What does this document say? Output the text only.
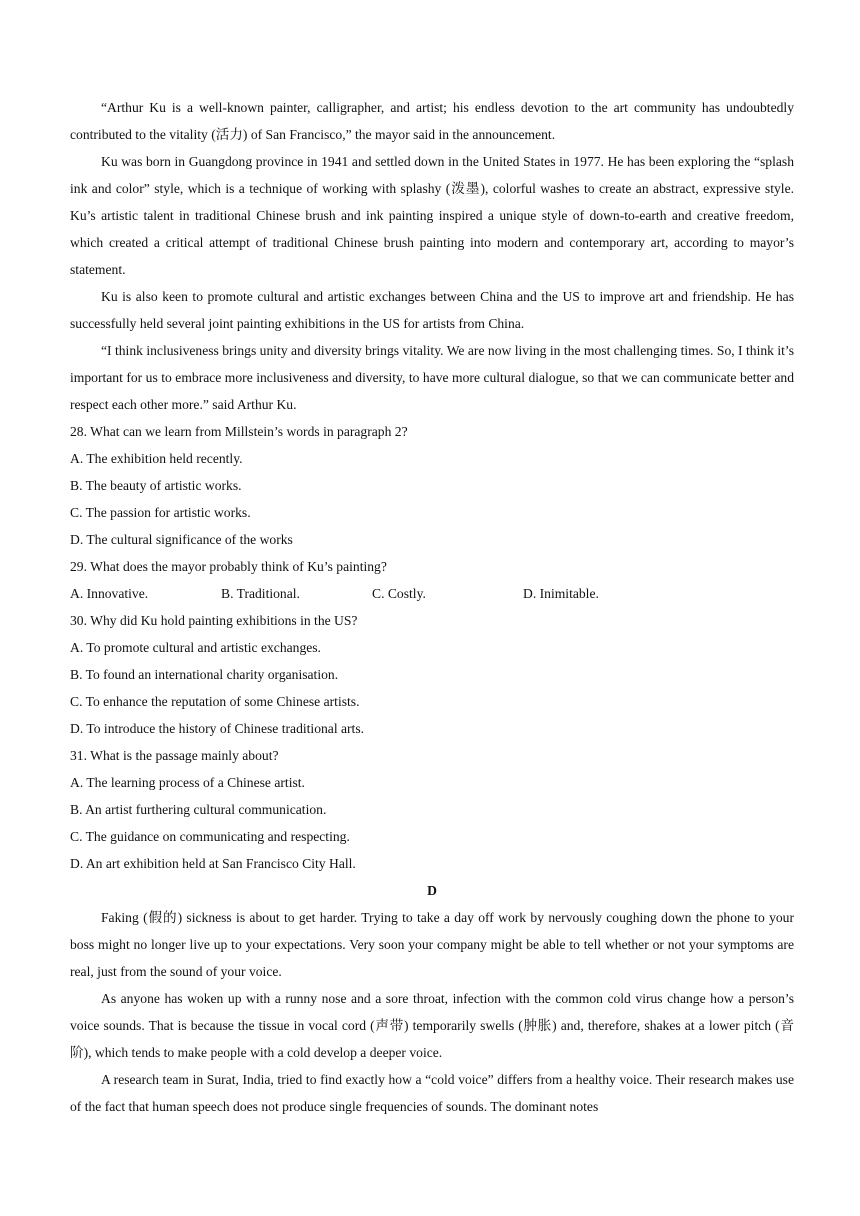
“Arthur Ku is a well-known painter, calligrapher, and artist; his endless devotion to the art community has undoubtedly contributed to the vitality (活力) of San Francisco,” the mayor said in the announcement.

Ku was born in Guangdong province in 1941 and settled down in the United States in 1977. He has been exploring the “splash ink and color” style, which is a technique of working with splashy (泼墨), colorful washes to create an abstract, expressive style. Ku’s artistic talent in traditional Chinese brush and ink painting inspired a unique style of down-to-earth and creative freedom, which created a critical attempt of traditional Chinese brush painting into modern and contemporary art, according to mayor’s statement.

Ku is also keen to promote cultural and artistic exchanges between China and the US to improve art and friendship. He has successfully held several joint painting exhibitions in the US for artists from China.

“I think inclusiveness brings unity and diversity brings vitality. We are now living in the most challenging times. So, I think it’s important for us to embrace more inclusiveness and diversity, to have more cultural dialogue, so that we can communicate better and respect each other more.” said Arthur Ku.

28. What can we learn from Millstein’s words in paragraph 2?

A. The exhibition held recently.

B. The beauty of artistic works.

C. The passion for artistic works.

D. The cultural significance of the works

29. What does the mayor probably think of Ku’s painting?

A. Innovative.	B. Traditional.	C. Costly.	D. Inimitable.

30. Why did Ku hold painting exhibitions in the US?

A. To promote cultural and artistic exchanges.

B. To found an international charity organisation.

C. To enhance the reputation of some Chinese artists.

D. To introduce the history of Chinese traditional arts.

31. What is the passage mainly about?

A. The learning process of a Chinese artist.

B. An artist furthering cultural communication.

C. The guidance on communicating and respecting.

D. An art exhibition held at San Francisco City Hall.

D

Faking (假的) sickness is about to get harder. Trying to take a day off work by nervously coughing down the phone to your boss might no longer live up to your expectations. Very soon your company might be able to tell whether or not your symptoms are real, just from the sound of your voice.

As anyone has woken up with a runny nose and a sore throat, infection with the common cold virus change how a person’s voice sounds. That is because the tissue in vocal cord (声带) temporarily swells (肿胀) and, therefore, shakes at a lower pitch (音阶), which tends to make people with a cold develop a deeper voice.

A research team in Surat, India, tried to find exactly how a “cold voice” differs from a healthy voice. Their research makes use of the fact that human speech does not produce single frequencies of sounds. The dominant notes
